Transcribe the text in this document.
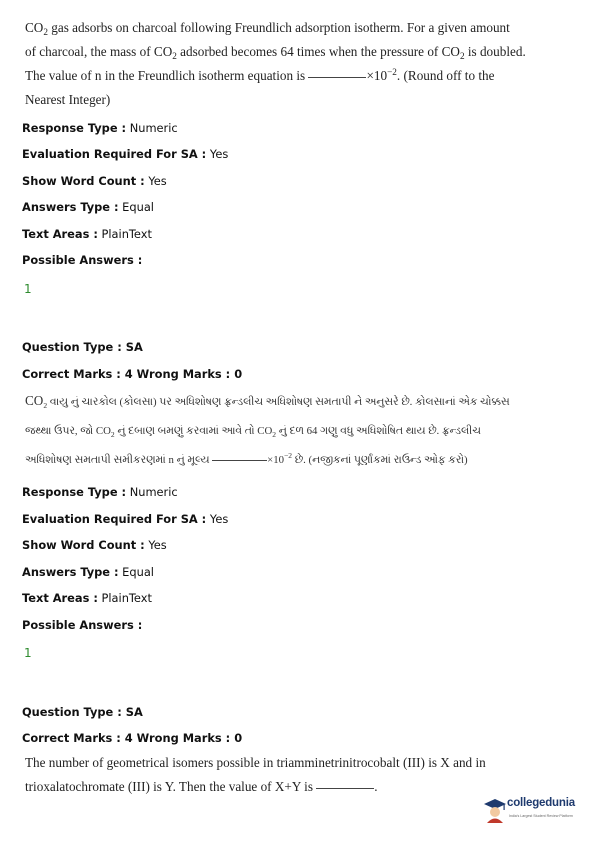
$CO_2$ gas adsorbs on charcoal following Freundlich adsorption isotherm. For a given amount
of charcoal, the mass of $CO_2$ adsorbed becomes 64 times when the pressure of $CO_2$ is doubled.
The value of n in the Freundlich isotherm equation is	$\times 10^{-2}$. (Round off to the
Nearest Integer)
Response Type : Numeric
Evaluation Required For SA : Yes
Show Word Count : Yes
Answers Type : Equal
Text Areas : PlainText
Possible Answers :
1
Question Type : SA
Correct Marks : 4 Wrong Marks : 0
$CO_2$ વાયુ નું ચારકોલ (કોલસા) પર અધિશોષણ ફ્રન્ડલીચ અધિશોષણ સમતાપી ને અનુસરે છે. કોલસાનાં એક ચોક્કસ
જથ્થા ઉપર, જો $CO_2$ નું દબાણ બમણું કરવામાં આવે તો $CO_2$ નું દળ 64 ગણુ વધુ અધિશોષિત થાય છે. ફ્રન્ડલીચ
અધિશોષણ સમતાપી સમીકરણમાં n નું મૂલ્ય	$\times 10^{-2}$ છે. (નજીકનાં પૂર્ણાંકમાં રાઉન્ડ ઓફ કરો)
Response Type : Numeric
Evaluation Required For SA : Yes
Show Word Count : Yes
Answers Type : Equal
Text Areas : PlainText
Possible Answers :
1
Question Type : SA
Correct Marks : 4 Wrong Marks : 0
The number of geometrical isomers possible in triamminetrinitrocobalt (III) is X and in
trioxalatochromate (III) is Y. Then the value of X+Y is	.
collegedunia
India's Largest Student Review Platform
